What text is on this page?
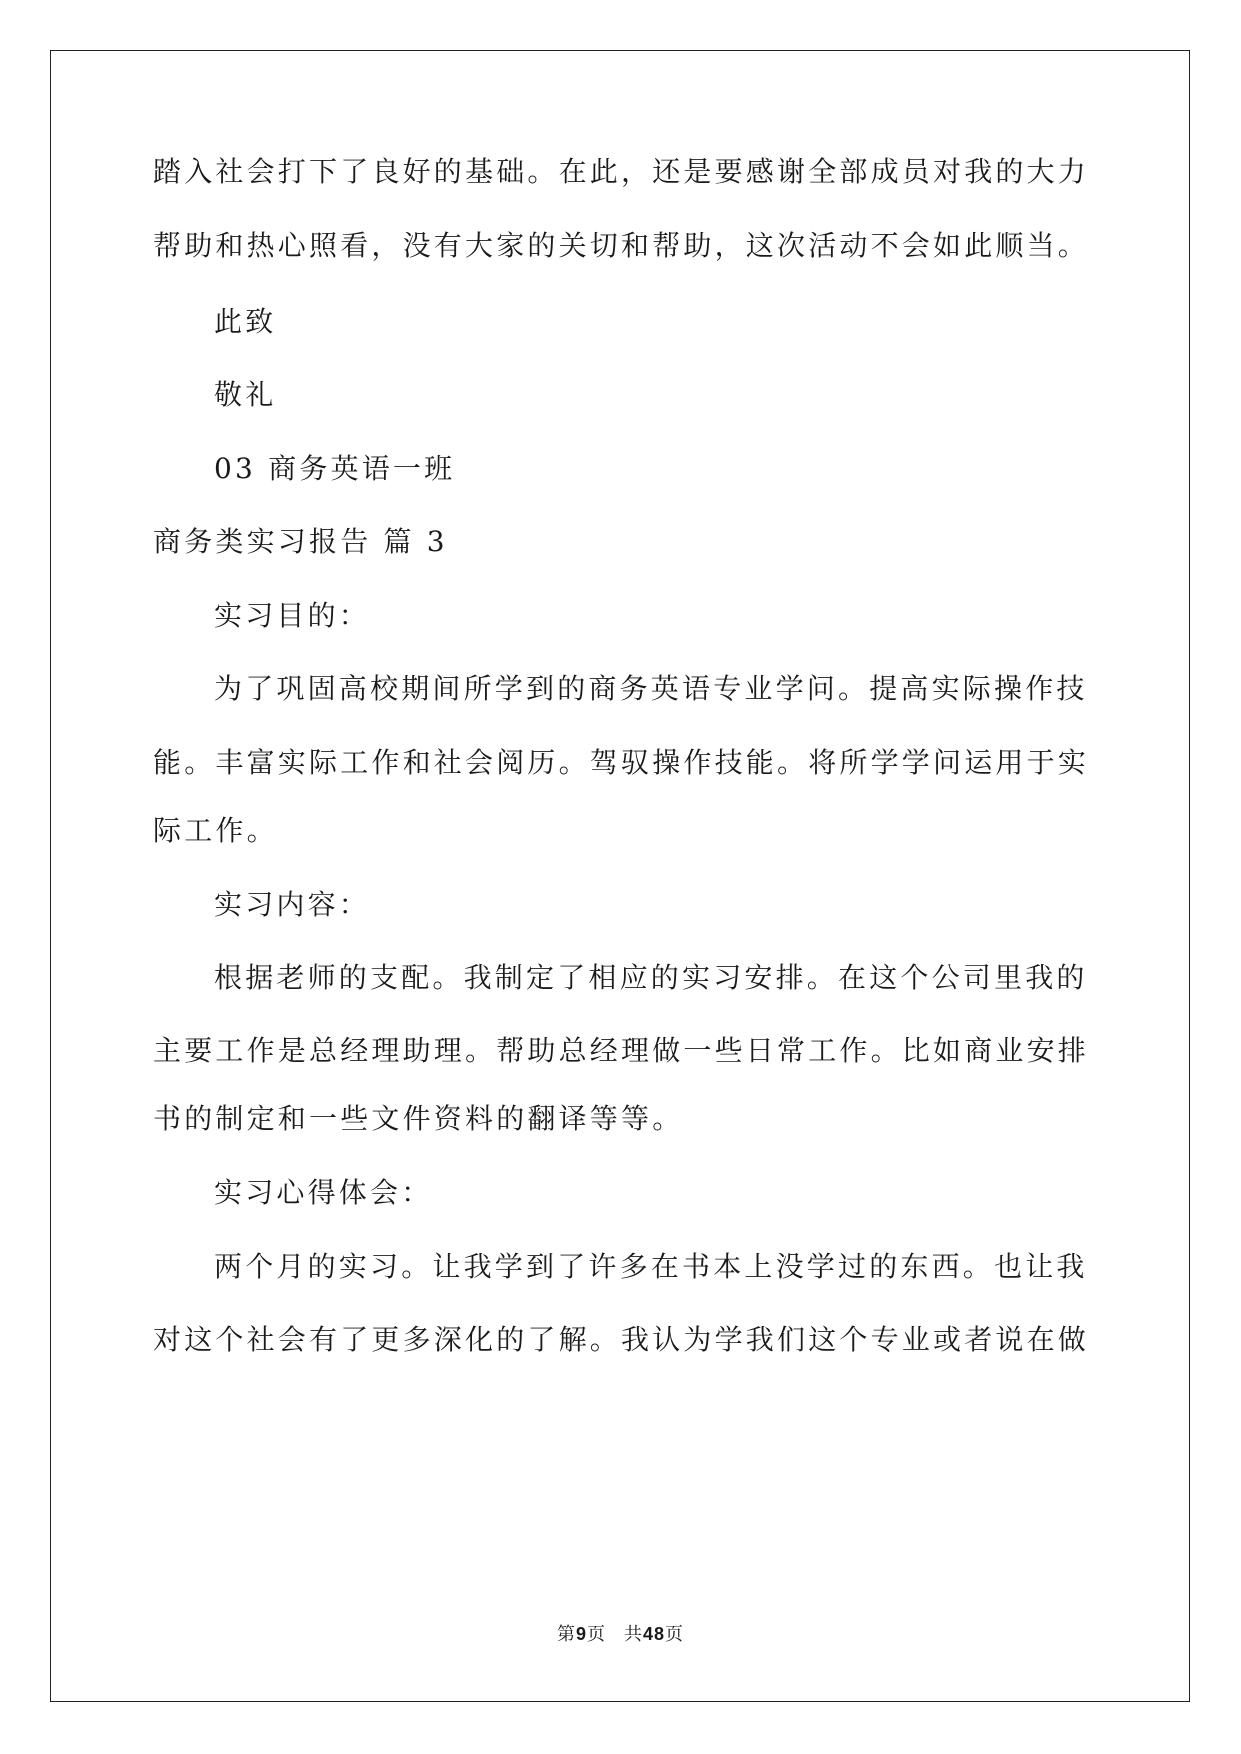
踏入社会打下了良好的基础。在此，还是要感谢全部成员对我的大力
帮助和热心照看，没有大家的关切和帮助，这次活动不会如此顺当。
此致
敬礼
03 商务英语一班
商务类实习报告 篇 3
实习目的：
为了巩固高校期间所学到的商务英语专业学问。提高实际操作技
能。丰富实际工作和社会阅历。驾驭操作技能。将所学学问运用于实
际工作。
实习内容：
根据老师的支配。我制定了相应的实习安排。在这个公司里我的
主要工作是总经理助理。帮助总经理做一些日常工作。比如商业安排
书的制定和一些文件资料的翻译等等。
实习心得体会：
两个月的实习。让我学到了许多在书本上没学过的东西。也让我
对这个社会有了更多深化的了解。我认为学我们这个专业或者说在做
第9页 共48页
